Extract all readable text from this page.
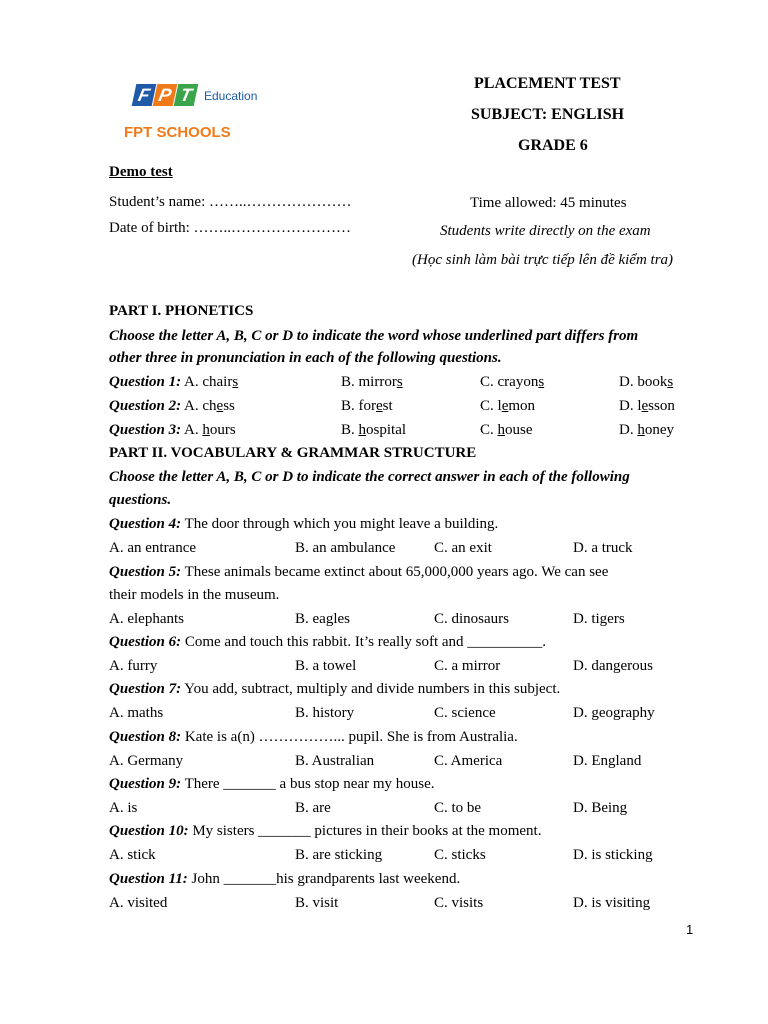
F P T Education
FPT SCHOOLS
PLACEMENT TEST
SUBJECT: ENGLISH
GRADE 6
Demo test
Student’s name: ……..…………………
Date of birth: ……..……………………
Time allowed: 45 minutes
Students write directly on the exam
(Học sinh làm bài trực tiếp lên đề kiểm tra)
PART I. PHONETICS
Choose the letter A, B, C or D to indicate the word whose underlined part differs from
other three in pronunciation in each of the following questions.
Question 1: A. chairs	B. mirrors	C. crayons	D. books
Question 2: A. chess	B. forest	C. lemon	D. lesson
Question 3: A. hours	B. hospital	C. house	D. honey
PART II. VOCABULARY & GRAMMAR STRUCTURE
Choose the letter A, B, C or D to indicate the correct answer in each of the following
questions.
Question 4: The door through which you might leave a building.
A. an entrance	B. an ambulance	C. an exit	D. a truck
Question 5: These animals became extinct about 65,000,000 years ago. We can see
their models in the museum.
A. elephants	B. eagles	C. dinosaurs	D. tigers
Question 6: Come and touch this rabbit. It’s really soft and __________.
A. furry	B. a towel	C. a mirror	D. dangerous
Question 7: You add, subtract, multiply and divide numbers in this subject.
A. maths	B. history	C. science	D. geography
Question 8: Kate is a(n) ……………... pupil. She is from Australia.
A. Germany	B. Australian	C. America	D. England
Question 9: There _______ a bus stop near my house.
A. is	B. are	C. to be	D. Being
Question 10: My sisters _______ pictures in their books at the moment.
A. stick	B. are sticking	C. sticks	D. is sticking
Question 11: John _______his grandparents last weekend.
A. visited	B. visit	C. visits	D. is visiting
1
